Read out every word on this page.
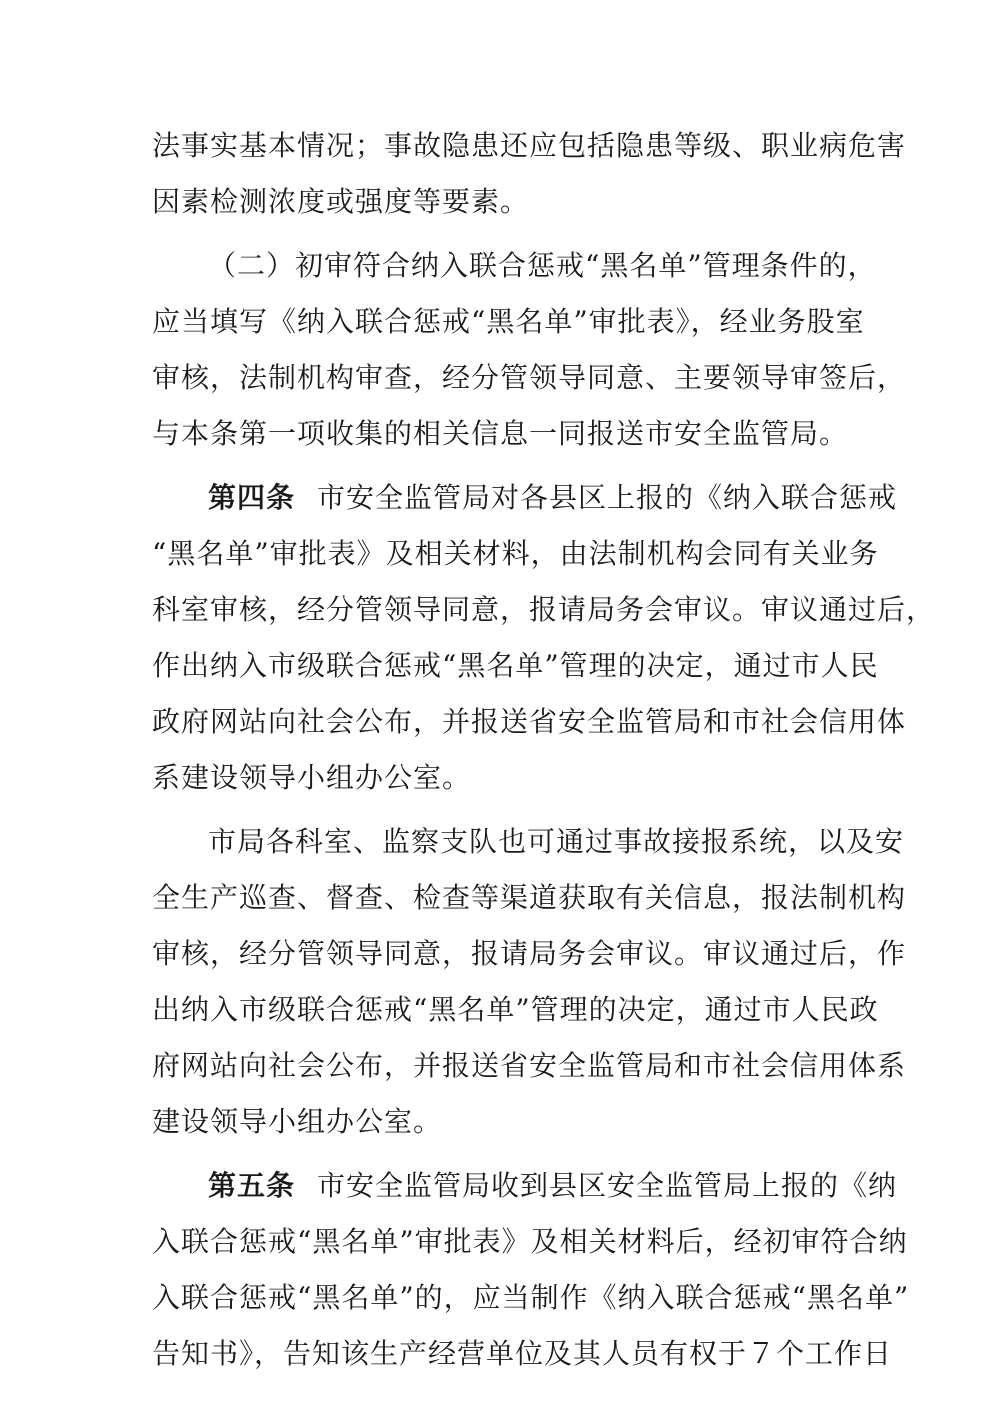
法事实基本情况；事故隐患还应包括隐患等级、职业病危害
因素检测浓度或强度等要素。
（二）初审符合纳入联合惩戒“黑名单”管理条件的，
应当填写《纳入联合惩戒“黑名单”审批表》，经业务股室
审核，法制机构审查，经分管领导同意、主要领导审签后，
与本条第一项收集的相关信息一同报送市安全监管局。
第四条 市安全监管局对各县区上报的《纳入联合惩戒
“黑名单”审批表》及相关材料，由法制机构会同有关业务
科室审核，经分管领导同意，报请局务会审议。审议通过后，
作出纳入市级联合惩戒“黑名单”管理的决定，通过市人民
政府网站向社会公布，并报送省安全监管局和市社会信用体
系建设领导小组办公室。
市局各科室、监察支队也可通过事故接报系统，以及安
全生产巡查、督查、检查等渠道获取有关信息，报法制机构
审核，经分管领导同意，报请局务会审议。审议通过后，作
出纳入市级联合惩戒“黑名单”管理的决定，通过市人民政
府网站向社会公布，并报送省安全监管局和市社会信用体系
建设领导小组办公室。
第五条 市安全监管局收到县区安全监管局上报的《纳
入联合惩戒“黑名单”审批表》及相关材料后，经初审符合纳
入联合惩戒“黑名单”的，应当制作《纳入联合惩戒“黑名单”
告知书》，告知该生产经营单位及其人员有权于７个工作日
